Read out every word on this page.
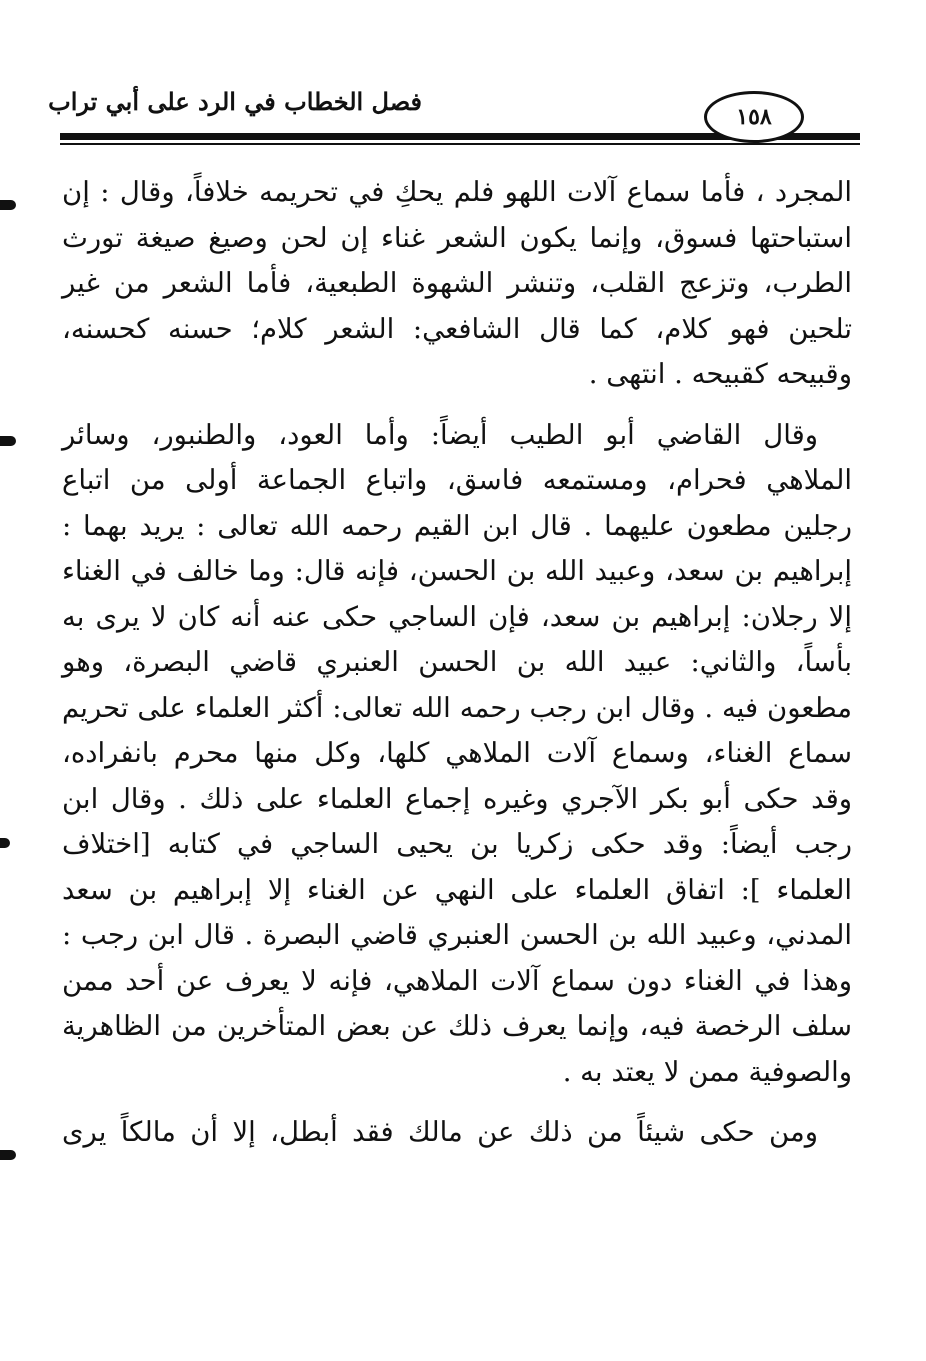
فصل الخطاب في الرد على أبي تراب
١٥٨
المجرد ، فأما سماع آلات اللهو فلم يحكِ في تحريمه خلافاً، وقال : إن
استباحتها فسوق، وإنما يكون الشعر غناء إن لحن وصيغ صيغة تورث
الطرب، وتزعج القلب، وتنشر الشهوة الطبعية، فأما الشعر من غير
تلحين فهو كلام، كما قال الشافعي: الشعر كلام؛ حسنه كحسنه،
وقبيحه كقبيحه . انتهى .
وقال القاضي أبو الطيب أيضاً: وأما العود، والطنبور، وسائر
الملاهي فحرام، ومستمعه فاسق، واتباع الجماعة أولى من اتباع
رجلين مطعون عليهما . قال ابن القيم رحمه الله تعالى : يريد بهما :
إبراهيم بن سعد، وعبيد الله بن الحسن، فإنه قال: وما خالف في الغناء
إلا رجلان: إبراهيم بن سعد، فإن الساجي حكى عنه أنه كان لا يرى به
بأساً، والثاني: عبيد الله بن الحسن العنبري قاضي البصرة، وهو
مطعون فيه . وقال ابن رجب رحمه الله تعالى: أكثر العلماء على تحريم
سماع الغناء، وسماع آلات الملاهي كلها، وكل منها محرم بانفراده،
وقد حكى أبو بكر الآجري وغيره إجماع العلماء على ذلك . وقال ابن
رجب أيضاً: وقد حكى زكريا بن يحيى الساجي في كتابه [اختلاف
العلماء ]: اتفاق العلماء على النهي عن الغناء إلا إبراهيم بن سعد
المدني، وعبيد الله بن الحسن العنبري قاضي البصرة . قال ابن رجب :
وهذا في الغناء دون سماع آلات الملاهي، فإنه لا يعرف عن أحد ممن
سلف الرخصة فيه، وإنما يعرف ذلك عن بعض المتأخرين من الظاهرية
والصوفية ممن لا يعتد به .
ومن حكى شيئاً من ذلك عن مالك فقد أبطل، إلا أن مالكاً يرى
